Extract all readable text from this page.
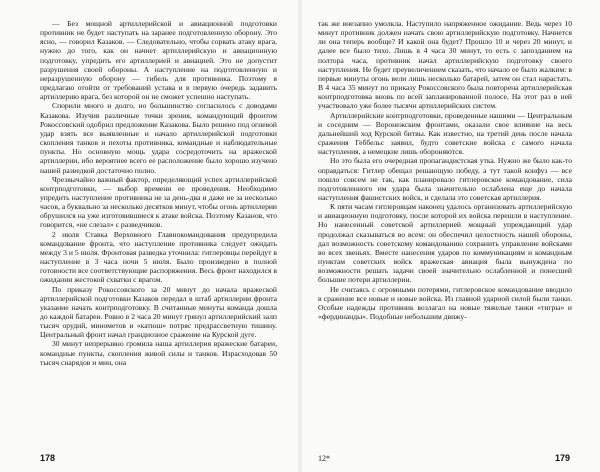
— Без мощной артиллерийской и авиационной подготовки противник не будет наступать на заранее подготовленную оборону. Это ясно, — говорил Казаков. — Следовательно, чтобы сорвать атаку врага, нужно до того, как он начнет артиллерийскую и авиационную подготовку, упредить его артиллерией и авиацией. Это не допустит разрушения своей обороны. А наступление на подготовленную и неразрушенную оборону — гибель для противника. Поэтому я предлагаю отойти от требований устава и в первую очередь задавить артиллерию врага, без которой он не сможет успешно наступать.

Спорили много и долго, но большинство согласилось с доводами Казакова. Изучив различные точки зрения, командующий фронтом Рокоссовский одобрил предложение Казакова. Было решено под огневой удар взять все выявленные и начало артиллерийской подготовки скопления танков и пехоты противника, командные и наблюдательные пункты. Но основную мощь удара сосредоточить на вражеской артиллерии, ибо вероятнее всего ее расположение было хорошо изучено нашей разведкой достаточно полно.

Чрезвычайно важный фактор, определяющий успех артиллерийской контрподготовки, — выбор времени ее проведения. Необходимо упредить наступление противника не за день-два и даже не за несколько часов, а буквально за несколько десятков минут, чтобы огонь артиллерии обрушился на уже изготовившиеся к атаке войска. Поэтому Казанов, что говорится, «не слезал» с разведчиков.

2 июля Ставка Верховного Главнокомандования предупредила командование фронта, что наступление противника следует ожидать между 3 и 5 июля. Фронтовая разведка уточнила: гитлеровцы перейдут в наступление в 3 часа ночи 5 июля. Было произведено в полной готовности все соответствующие распоряжения. Весь фронт находился в ожидании жестокой схватки с врагом.

По приказу Рокоссовского за 20 минут до начала вражеской артиллерийской подготовки Казаков передал в штаб артиллерии фронта указание начать контрподготовку. В считанные минуты команда дошла до каждой батареи. Ровно в 2 часа 20 минут грянул артиллерийский залп тысяч орудий, минометов и «катюш» потряс предрассветную тишину. Центральный фронт начал грандиозное сражение на Курской дуге.

30 минут непрерывно громила наша артиллерия вражеские батареи, командные пункты, скопления живой силы и танков. Израсходовав 50 тысяч снарядов и мин, она

178

так же внезапно умолкла. Наступило напряженное ожидание. Ведь через 10 минут противник должен начать свою артиллерийскую подготовку. Начнется ли она теперь вообще? И какой она будет? Прошло 10 и через 20 минут, и далее все было тихо. Лишь в 4 часа 30 минут, то есть с запозданием на полтора часа, противник начал артиллерийскую подготовку своего наступления. Не будет преувеличением сказать, что начало ее было жалким: в первые минуты огонь вели лишь несколько батарей, затем он стал нарастать. В 4 часа 35 минут по приказу Рокоссовского была повторена артиллерийская контрподготовка вновь по всей запланированной полосе. На этот раз в ней участвовало уже более тысячи артиллерийских систем.

Артиллерийские контрподготовки, проведенные нашими — Центральным и соседним — Воронежским фронтами, оказали свое влияние на весь дальнейший ход Курской битвы. Как известно, на третий день после начала сражения Геббельс заявил, будто советские войска с самого начала наступления, а немецкие лишь обороняются.

Но это была его очередная пропагандистская утка. Нужно же было как-то оправдаться: Гитлер обещал решающую победу, а тут такой конфуз — все пошло совсем не так, как планировало гитлеровское командование, сила подготовленного им удара была значительно ослаблена еще до начала наступления фашистских войск, и сделала это советская артиллерия.

К пяти часам гитлеровцам наконец удалось организовать артиллерийскую и авиационную подготовку, после которой их войска перешли в наступление. Но нанесенный советской артиллерией мощный упреждающий удар продолжал сказываться во всем: он обеспечил целостность нашей обороны, дал возможность советскому командованию сохранить управление войсками во всех звеньях. Вместе нанесения ударов по коммуникациям и командным пунктам советских войск вражеская авиация была вынуждена по возможности решать задачи своей значительно ослабленной и понесшей большие потери артиллерии.

Не считаясь с огромными потерями, гитлеровское командование вводило в сражение все новые и новые войска. Из главной ударной силой были танки. Особые надежды противник возлагал на новые тяжелые танки «тигры» и «фердинанды». Подобные небольшим движу-

12*	179
